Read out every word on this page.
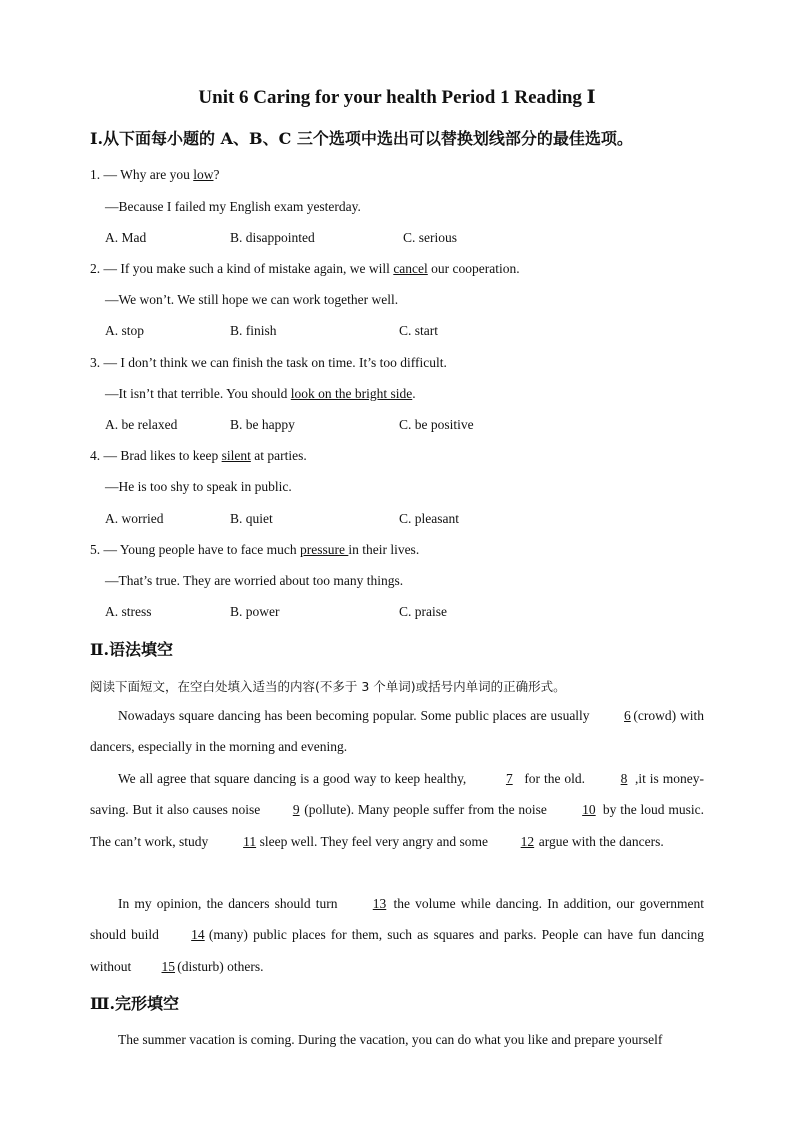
Unit 6 Caring for your health Period 1 Reading Ⅰ
Ⅰ.从下面每小题的 A、B、C 三个选项中选出可以替换划线部分的最佳选项。
1. — Why are you low?
—Because I failed my English exam yesterday.
A. Mad	B. disappointed	C. serious
2. — If you make such a kind of mistake again, we will cancel our cooperation.
—We won’t. We still hope we can work together well.
A. stop	B. finish	C. start
3. — I don’t think we can finish the task on time. It’s too difficult.
—It isn’t that terrible. You should look on the bright side.
A. be relaxed	B. be happy	C. be positive
4. — Brad likes to keep silent at parties.
—He is too shy to speak in public.
A. worried	B. quiet	C. pleasant
5. — Young people have to face much pressure in their lives.
—That’s true. They are worried about too many things.
A. stress	B. power	C. praise
Ⅱ.语法填空
阅读下面短文，在空白处填入适当的内容(不多于 3 个单词)或括号内单词的正确形式。
Nowadays square dancing has been becoming popular. Some public places are usually 6 (crowd) with dancers, especially in the morning and evening.
We all agree that square dancing is a good way to keep healthy,	7 for the old.	8 ,it is money-saving. But it also causes noise 9 (pollute). Many people suffer from the noise	10 by the loud music. The can’t work, study 11 sleep well. They feel very angry and some 12 argue with the dancers.
In my opinion, the dancers should turn	13 the volume while dancing. In addition, our government should build 14 (many) public places for them, such as squares and parks. People can have fun dancing without 15 (disturb) others.
Ⅲ.完形填空
The summer vacation is coming. During the vacation, you can do what you like and prepare yourself
